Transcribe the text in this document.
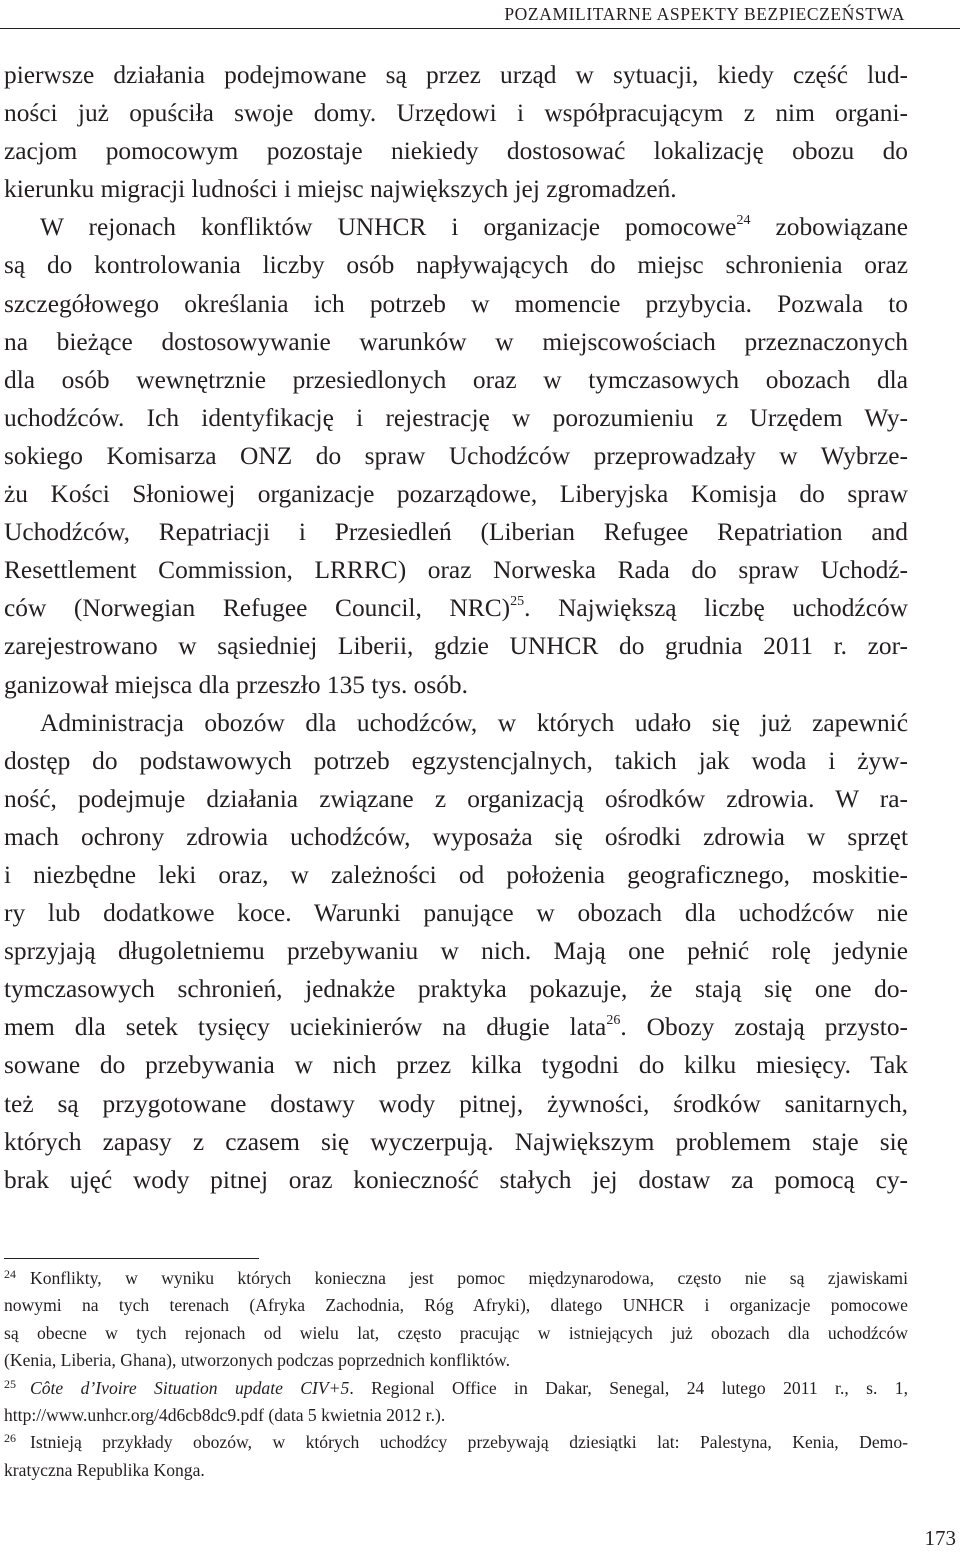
POZAMILITARNE ASPEKTY BEZPIECZEŃSTWA
pierwsze działania podejmowane są przez urząd w sytuacji, kiedy część lud-
ności już opuściła swoje domy. Urzędowi i współpracującym z nim organi-
zacjom pomocowym pozostaje niekiedy dostosować lokalizację obozu do
kierunku migracji ludności i miejsc największych jej zgromadzeń.
W rejonach konfliktów UNHCR i organizacje pomocowe$^{24}$ zobowiązane
są do kontrolowania liczby osób napływających do miejsc schronienia oraz
szczegółowego określania ich potrzeb w momencie przybycia. Pozwala to
na bieżące dostosowywanie warunków w miejscowościach przeznaczonych
dla osób wewnętrznie przesiedlonych oraz w tymczasowych obozach dla
uchodźców. Ich identyfikację i rejestrację w porozumieniu z Urzędem Wy-
sokiego Komisarza ONZ do spraw Uchodźców przeprowadzały w Wybrze-
żu Kości Słoniowej organizacje pozarządowe, Liberyjska Komisja do spraw
Uchodźców, Repatriacji i Przesiedleń (Liberian Refugee Repatriation and
Resettlement Commission, LRRRC) oraz Norweska Rada do spraw Uchodź-
ców (Norwegian Refugee Council, NRC)$^{25}$. Największą liczbę uchodźców
zarejestrowano w sąsiedniej Liberii, gdzie UNHCR do grudnia 2011 r. zor-
ganizował miejsca dla przeszło 135 tys. osób.
Administracja obozów dla uchodźców, w których udało się już zapewnić
dostęp do podstawowych potrzeb egzystencjalnych, takich jak woda i żyw-
ność, podejmuje działania związane z organizacją ośrodków zdrowia. W ra-
mach ochrony zdrowia uchodźców, wyposaża się ośrodki zdrowia w sprzęt
i niezbędne leki oraz, w zależności od położenia geograficznego, moskitie-
ry lub dodatkowe koce. Warunki panujące w obozach dla uchodźców nie
sprzyjają długoletniemu przebywaniu w nich. Mają one pełnić rolę jedynie
tymczasowych schronień, jednakże praktyka pokazuje, że stają się one do-
mem dla setek tysięcy uciekinierów na długie lata$^{26}$. Obozy zostają przysto-
sowane do przebywania w nich przez kilka tygodni do kilku miesięcy. Tak
też są przygotowane dostawy wody pitnej, żywności, środków sanitarnych,
których zapasy z czasem się wyczerpują. Największym problemem staje się
brak ujęć wody pitnej oraz konieczność stałych jej dostaw za pomocą cy-
24 Konflikty, w wyniku których konieczna jest pomoc międzynarodowa, często nie są zjawiskami
nowymi na tych terenach (Afryka Zachodnia, Róg Afryki), dlatego UNHCR i organizacje pomocowe
są obecne w tych rejonach od wielu lat, często pracując w istniejących już obozach dla uchodźców
(Kenia, Liberia, Ghana), utworzonych podczas poprzednich konfliktów.
25 Côte d’Ivoire Situation update CIV+5. Regional Office in Dakar, Senegal, 24 lutego 2011 r., s. 1,
http://www.unhcr.org/4d6cb8dc9.pdf (data 5 kwietnia 2012 r.).
26 Istnieją przykłady obozów, w których uchodźcy przebywają dziesiątki lat: Palestyna, Kenia, Demo-
kratyczna Republika Konga.
173
